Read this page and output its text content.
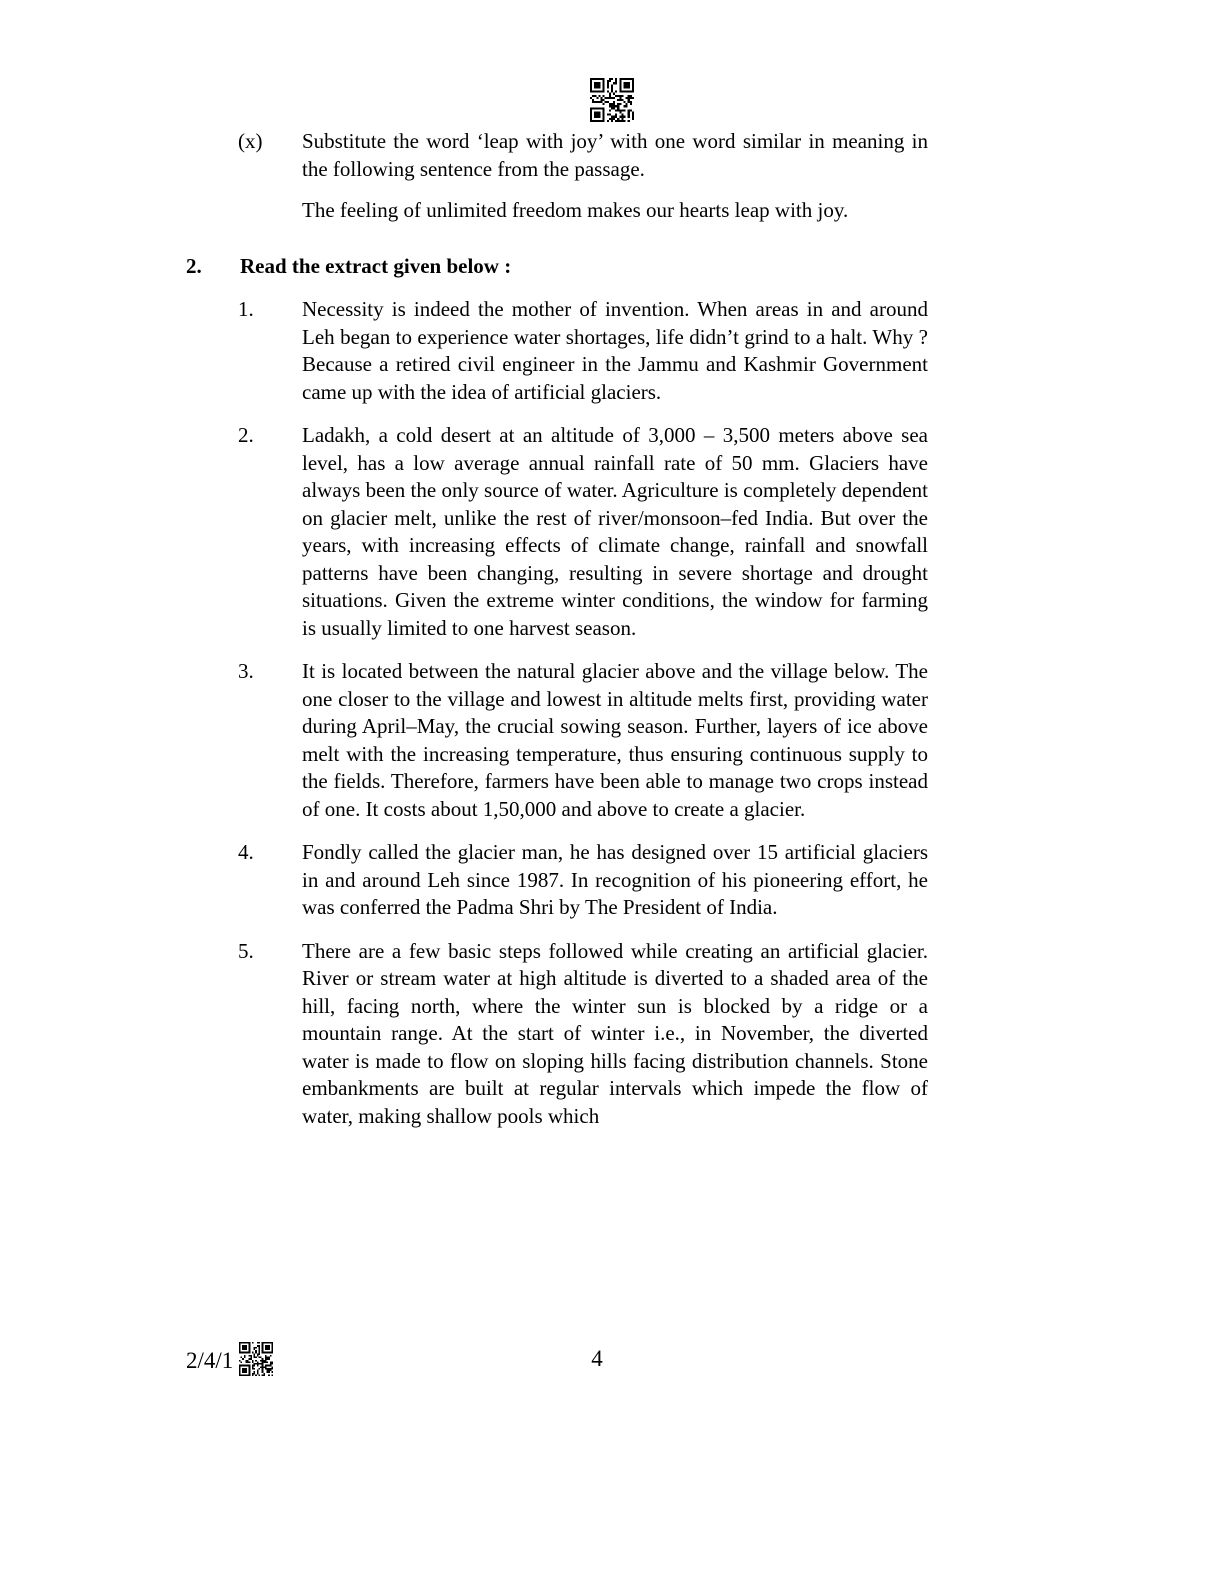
(x)	Substitute the word ‘leap with joy’ with one word similar in meaning in the following sentence from the passage.

The feeling of unlimited freedom makes our hearts leap with joy.

2.	Read the extract given below :
1.	Necessity is indeed the mother of invention. When areas in and around Leh began to experience water shortages, life didn’t grind to a halt. Why ? Because a retired civil engineer in the Jammu and Kashmir Government came up with the idea of artificial glaciers.
2.	Ladakh, a cold desert at an altitude of 3,000 – 3,500 meters above sea level, has a low average annual rainfall rate of 50 mm. Glaciers have always been the only source of water. Agriculture is completely dependent on glacier melt, unlike the rest of river/monsoon–fed India. But over the years, with increasing effects of climate change, rainfall and snowfall patterns have been changing, resulting in severe shortage and drought situations. Given the extreme winter conditions, the window for farming is usually limited to one harvest season.
3.	It is located between the natural glacier above and the village below. The one closer to the village and lowest in altitude melts first, providing water during April–May, the crucial sowing season. Further, layers of ice above melt with the increasing temperature, thus ensuring continuous supply to the fields. Therefore, farmers have been able to manage two crops instead of one. It costs about 1,50,000 and above to create a glacier.
4.	Fondly called the glacier man, he has designed over 15 artificial glaciers in and around Leh since 1987. In recognition of his pioneering effort, he was conferred the Padma Shri by The President of India.
5.	There are a few basic steps followed while creating an artificial glacier. River or stream water at high altitude is diverted to a shaded area of the hill, facing north, where the winter sun is blocked by a ridge or a mountain range. At the start of winter i.e., in November, the diverted water is made to flow on sloping hills facing distribution channels. Stone embankments are built at regular intervals which impede the flow of water, making shallow pools which
2/4/1	4
